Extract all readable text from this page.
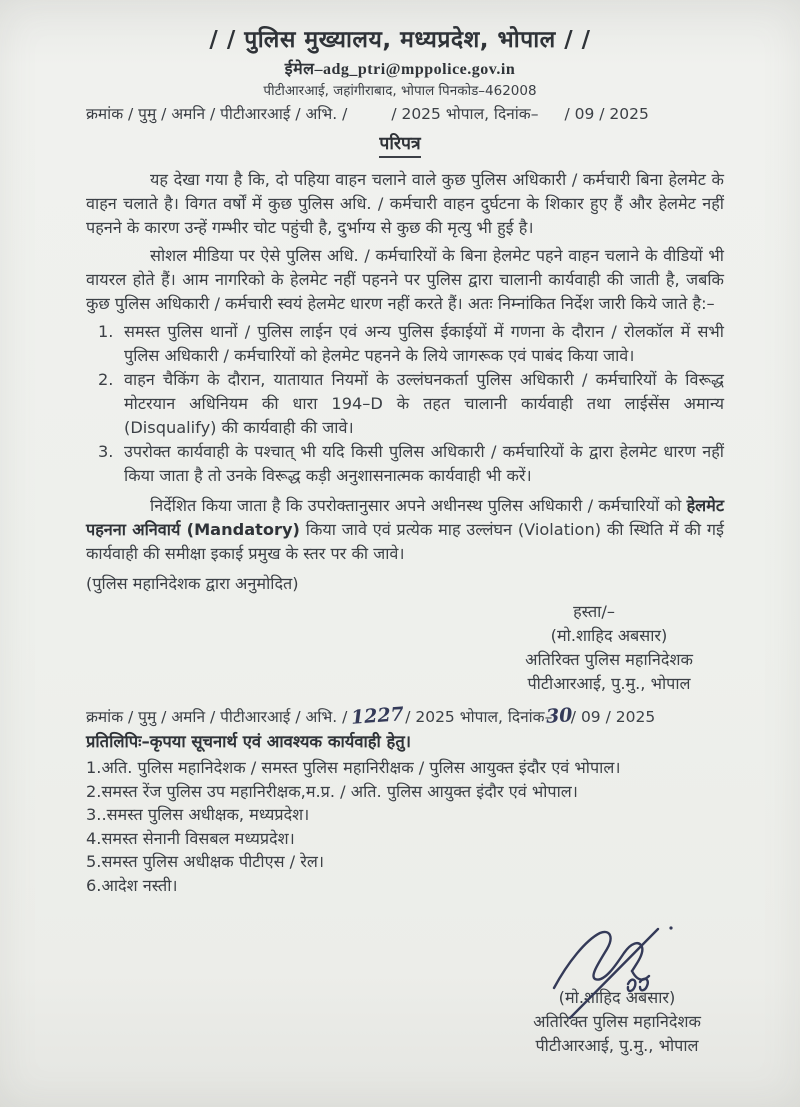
/ / पुलिस मुख्यालय, मध्यप्रदेश, भोपाल / /
ईमेल–adg_ptri@mppolice.gov.in
पीटीआरआई, जहांगीराबाद, भोपाल पिनकोड–462008
क्रमांक / पुमु / अमनि / पीटीआरआई / अभि. /	/ 2025 भोपाल, दिनांक– / 09 / 2025
परिपत्र

यह देखा गया है कि, दो पहिया वाहन चलाने वाले कुछ पुलिस अधिकारी / कर्मचारी बिना हेलमेट के वाहन चलाते है। विगत वर्षों में कुछ पुलिस अधि. / कर्मचारी वाहन दुर्घटना के शिकार हुए हैं और हेलमेट नहीं पहनने के कारण उन्हें गम्भीर चोट पहुंची है, दुर्भाग्य से कुछ की मृत्यु भी हुई है।

सोशल मीडिया पर ऐसे पुलिस अधि. / कर्मचारियों के बिना हेलमेट पहने वाहन चलाने के वीडियों भी वायरल होते हैं। आम नागरिको के हेलमेट नहीं पहनने पर पुलिस द्वारा चालानी कार्यवाही की जाती है, जबकि कुछ पुलिस अधिकारी / कर्मचारी स्वयं हेलमेट धारण नहीं करते हैं। अतः निम्नांकित निर्देश जारी किये जाते है:–

1. समस्त पुलिस थानों / पुलिस लाईन एवं अन्य पुलिस ईकाईयों में गणना के दौरान / रोलकॉल में सभी पुलिस अधिकारी / कर्मचारियों को हेलमेट पहनने के लिये जागरूक एवं पाबंद किया जावे।
2. वाहन चैकिंग के दौरान, यातायात नियमों के उल्लंघनकर्ता पुलिस अधिकारी / कर्मचारियों के विरूद्ध मोटरयान अधिनियम की धारा 194–D के तहत चालानी कार्यवाही तथा लाईसेंस अमान्य (Disqualify) की कार्यवाही की जावे।
3. उपरोक्त कार्यवाही के पश्चात् भी यदि किसी पुलिस अधिकारी / कर्मचारियों के द्वारा हेलमेट धारण नहीं किया जाता है तो उनके विरूद्ध कड़ी अनुशासनात्मक कार्यवाही भी करें।

निर्देशित किया जाता है कि उपरोक्तानुसार अपने अधीनस्थ पुलिस अधिकारी / कर्मचारियों को हेलमेट पहनना अनिवार्य (Mandatory) किया जावे एवं प्रत्येक माह उल्लंघन (Violation) की स्थिति में की गई कार्यवाही की समीक्षा इकाई प्रमुख के स्तर पर की जावे।

(पुलिस महानिदेशक द्वारा अनुमोदित)
हस्ता/–
(मो.शाहिद अबसार)
अतिरिक्त पुलिस महानिदेशक
पीटीआरआई, पु.मु., भोपाल
क्रमांक / पुमु / अमनि / पीटीआरआई / अभि. / 1227/ 2025 भोपाल, दिनांक–30/ 09 / 2025
प्रतिलिपिः–कृपया सूचनार्थ एवं आवश्यक कार्यवाही हेतु।
1.अति. पुलिस महानिदेशक / समस्त पुलिस महानिरीक्षक / पुलिस आयुक्त इंदौर एवं भोपाल।
2.समस्त रेंज पुलिस उप महानिरीक्षक,म.प्र. / अति. पुलिस आयुक्त इंदौर एवं भोपाल।
3..समस्त पुलिस अधीक्षक, मध्यप्रदेश।
4.समस्त सेनानी विसबल मध्यप्रदेश।
5.समस्त पुलिस अधीक्षक पीटीएस / रेल।
6.आदेश नस्ती।
(मो.शाहिद अबसार)
अतिरिक्त पुलिस महानिदेशक
पीटीआरआई, पु.मु., भोपाल
